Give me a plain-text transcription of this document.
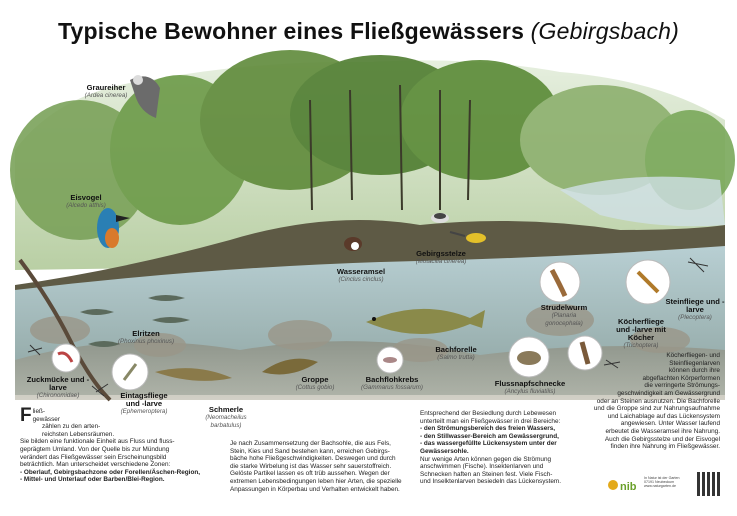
Typische Bewohner eines Fließgewässers (Gebirgsbach)
Graureiher
(Ardea cinerea)
Eisvogel
(Alcedo atthis)
Wasseramsel
(Cinclus cinclus)
Gebirgsstelze
(Motacilla cinerea)
Elritzen
(Phoxinus phoxinus)
Strudelwurm
(Planaria gonocephala)
Steinfliege und -larve
(Plecoptera)
Köcherfliege und -larve mit Köcher
(Trichoptera)
Bachforelle
(Salmo trutta)
Zuckmücke und - larve
(Chironomidae)	Eintagsfliege und -larve
(Ephemeroptera)
Groppe
(Cottus gobio)
Bachflohkrebs
(Gammarus fossarum)	Flussnapfschnecke
(Ancylus fluviatilis)
Schmerle
(Neomacheilus barbatulus)
F ließ-
gewässer

zählen zu den arten-
reichsten Lebensräumen.
Sie bilden eine funktionale Einheit aus Fluss und fluss-
geprägtem Umland. Von der Quelle bis zur Mündung
verändert das Fließgewässer sein Erscheinungsbild
beträchtlich. Man unterscheidet verschiedene Zonen:
- Oberlauf, Gebirgsbachzone oder Forellen/Äschen-Region,
- Mittel- und Unterlauf oder Barben/Blei-Region.
Je nach Zusammensetzung der Bachsohle, die aus Fels,
Stein, Kies und Sand bestehen kann, erreichen Gebirgs-
bäche hohe Fließgeschwindigkeiten. Deswegen und durch
die starke Wirbelung ist das Wasser sehr sauerstoffreich.
Gelöste Partikel lassen es oft trüb aussehen. Wegen der
extremen Lebensbedingungen leben hier Arten, die spezielle
Anpassungen in Körperbau und Verhalten entwickelt haben.
Entsprechend der Besiedlung durch Lebewesen
unterteilt man ein Fließgewässer in drei Bereiche:
- den Strömungsbereich des freien Wassers,
- den Stillwasser-Bereich am Gewässergrund,
- das wassergefüllte Lückensystem unter der
Gewässersohle.
Nur wenige Arten können gegen die Strömung
anschwimmen (Fische). Insektenlarven und
Schnecken haften an Steinen fest. Viele Fisch-
und Inselktenlarven besiedeln das Lückensystem.
Köcherfliegen- und
Steinfliegenlarven
können durch ihre
abgeflachten Körperformen
die verringerte Strömungs-
geschwindigkeit am Gewässergrund
oder an Steinen ausnutzen. Die Bachforelle
und die Groppe sind zur Nahrungsaufnahme
und Laichablage auf das Lückensystem
angewiesen. Unter Wasser laufend
erbeutet die Wasseramsel ihre Nahrung.
Auch die Gebirgsstelze und der Eisvogel
finden ihre Nahrung im Fließgewässer.
nib
In Natur ist der Garten
07191 Neubeckum
www.naturgarten.de
